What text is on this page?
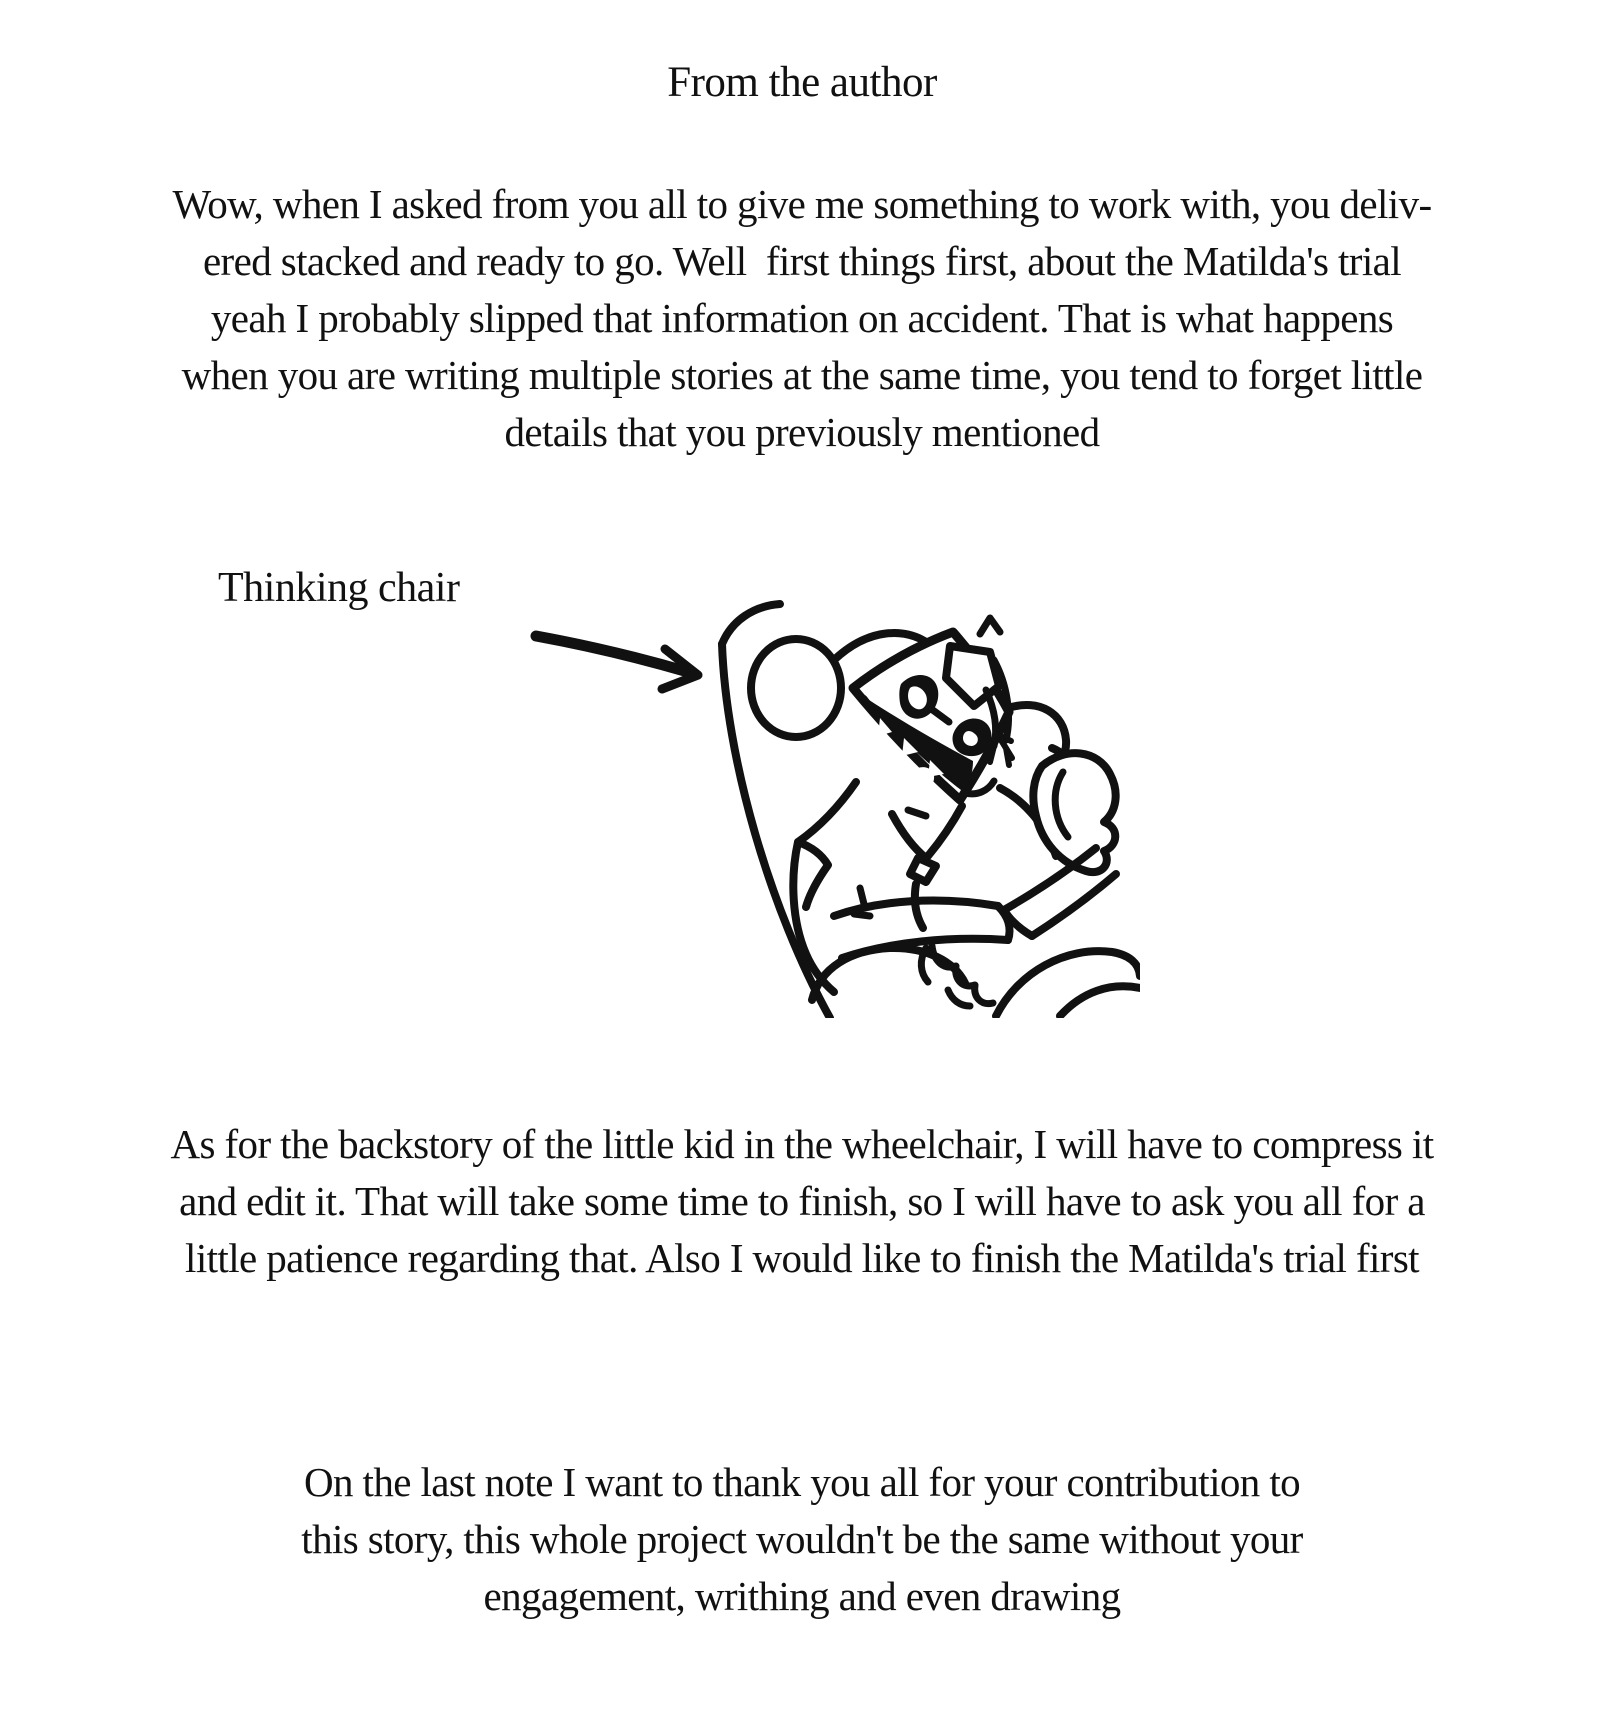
From the author
Wow, when I asked from you all to give me something to work with, you deliv-
ered stacked and ready to go. Well  first things first, about the Matilda's trial
yeah I probably slipped that information on accident. That is what happens
when you are writing multiple stories at the same time, you tend to forget little
details that you previously mentioned
Thinking chair
As for the backstory of the little kid in the wheelchair, I will have to compress it
and edit it. That will take some time to finish, so I will have to ask you all for a
little patience regarding that. Also I would like to finish the Matilda's trial first
On the last note I want to thank you all for your contribution to
this story, this whole project wouldn't be the same without your
engagement, writhing and even drawing
